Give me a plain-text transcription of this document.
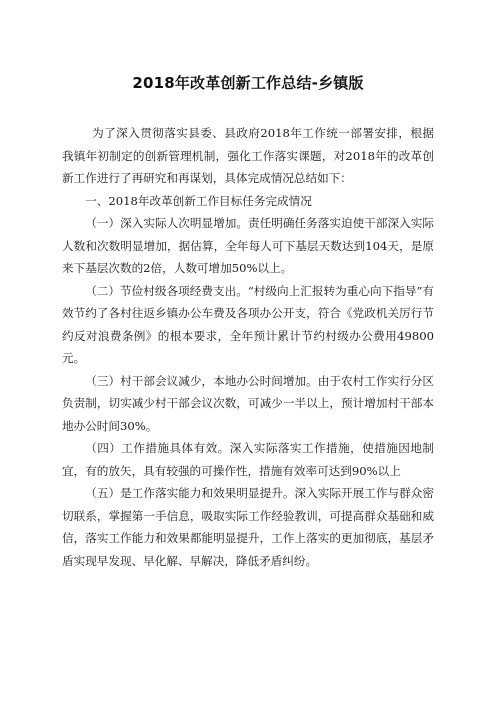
2018年改革创新工作总结-乡镇版

为了深入贯彻落实县委、县政府2018年工作统一部署安排，根据我镇年初制定的创新管理机制，强化工作落实课题，对2018年的改革创新工作进行了再研究和再谋划，具体完成情况总结如下：

一、2018年改革创新工作目标任务完成情况

（一）深入实际人次明显增加。责任明确任务落实迫使干部深入实际人数和次数明显增加，据估算，全年每人可下基层天数达到104天，是原来下基层次数的2倍，人数可增加50%以上。

（二）节俭村级各项经费支出。“村级向上汇报转为重心向下指导”有效节约了各村往返乡镇办公车费及各项办公开支，符合《党政机关厉行节约反对浪费条例》的根本要求，全年预计累计节约村级办公费用49800元。

（三）村干部会议减少，本地办公时间增加。由于农村工作实行分区负责制，切实减少村干部会议次数，可减少一半以上，预计增加村干部本地办公时间30%。

（四）工作措施具体有效。深入实际落实工作措施，使措施因地制宜，有的放矢，具有较强的可操作性，措施有效率可达到90%以上

（五）是工作落实能力和效果明显提升。深入实际开展工作与群众密切联系，掌握第一手信息，吸取实际工作经验教训，可提高群众基础和威信，落实工作能力和效果都能明显提升，工作上落实的更加彻底，基层矛盾实现早发现、早化解、早解决，降低矛盾纠纷。
